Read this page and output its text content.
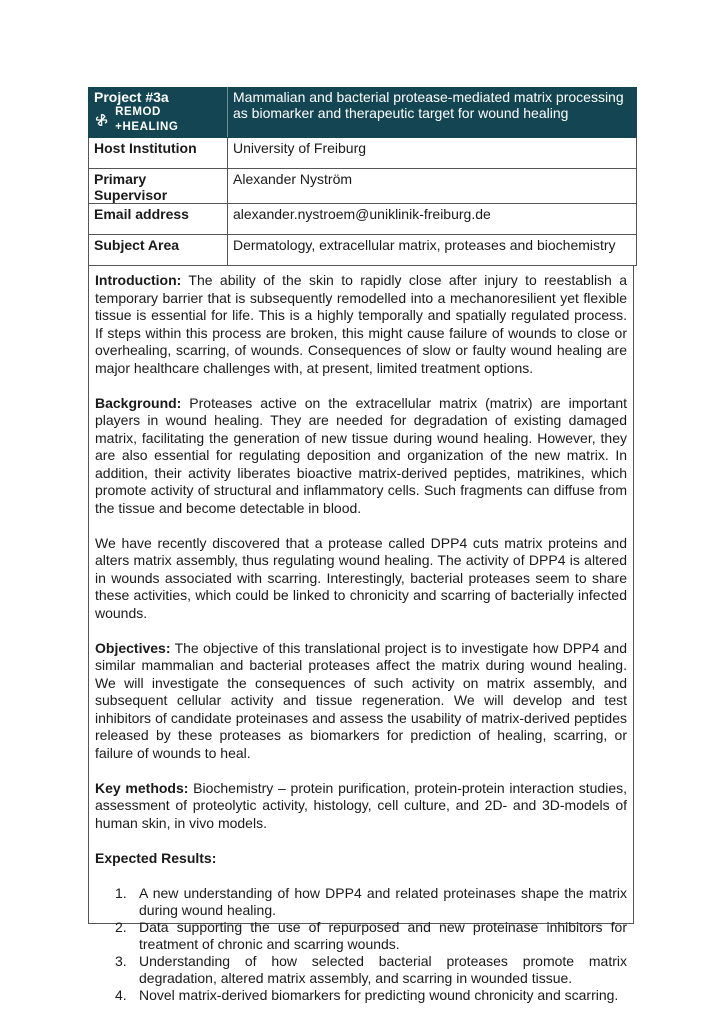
Project #3a
REMOD +HEALING	Mammalian and bacterial protease-mediated matrix processing as biomarker and therapeutic target for wound healing
Host Institution	University of Freiburg
Primary Supervisor	Alexander Nyström
Email address	alexander.nystroem@uniklinik-freiburg.de
Subject Area	Dermatology, extracellular matrix, proteases and biochemistry

Introduction: The ability of the skin to rapidly close after injury to reestablish a temporary barrier that is subsequently remodelled into a mechanoresilient yet flexible tissue is essential for life. This is a highly temporally and spatially regulated process. If steps within this process are broken, this might cause failure of wounds to close or overhealing, scarring, of wounds. Consequences of slow or faulty wound healing are major healthcare challenges with, at present, limited treatment options.

Background: Proteases active on the extracellular matrix (matrix) are important players in wound healing. They are needed for degradation of existing damaged matrix, facilitating the generation of new tissue during wound healing. However, they are also essential for regulating deposition and organization of the new matrix. In addition, their activity liberates bioactive matrix-derived peptides, matrikines, which promote activity of structural and inflammatory cells. Such fragments can diffuse from the tissue and become detectable in blood.

We have recently discovered that a protease called DPP4 cuts matrix proteins and alters matrix assembly, thus regulating wound healing. The activity of DPP4 is altered in wounds associated with scarring. Interestingly, bacterial proteases seem to share these activities, which could be linked to chronicity and scarring of bacterially infected wounds.

Objectives: The objective of this translational project is to investigate how DPP4 and similar mammalian and bacterial proteases affect the matrix during wound healing. We will investigate the consequences of such activity on matrix assembly, and subsequent cellular activity and tissue regeneration. We will develop and test inhibitors of candidate proteinases and assess the usability of matrix-derived peptides released by these proteases as biomarkers for prediction of healing, scarring, or failure of wounds to heal.

Key methods: Biochemistry – protein purification, protein-protein interaction studies, assessment of proteolytic activity, histology, cell culture, and 2D- and 3D-models of human skin, in vivo models.

Expected Results:

1. A new understanding of how DPP4 and related proteinases shape the matrix during wound healing.
2. Data supporting the use of repurposed and new proteinase inhibitors for treatment of chronic and scarring wounds.
3. Understanding of how selected bacterial proteases promote matrix degradation, altered matrix assembly, and scarring in wounded tissue.
4. Novel matrix-derived biomarkers for predicting wound chronicity and scarring.
